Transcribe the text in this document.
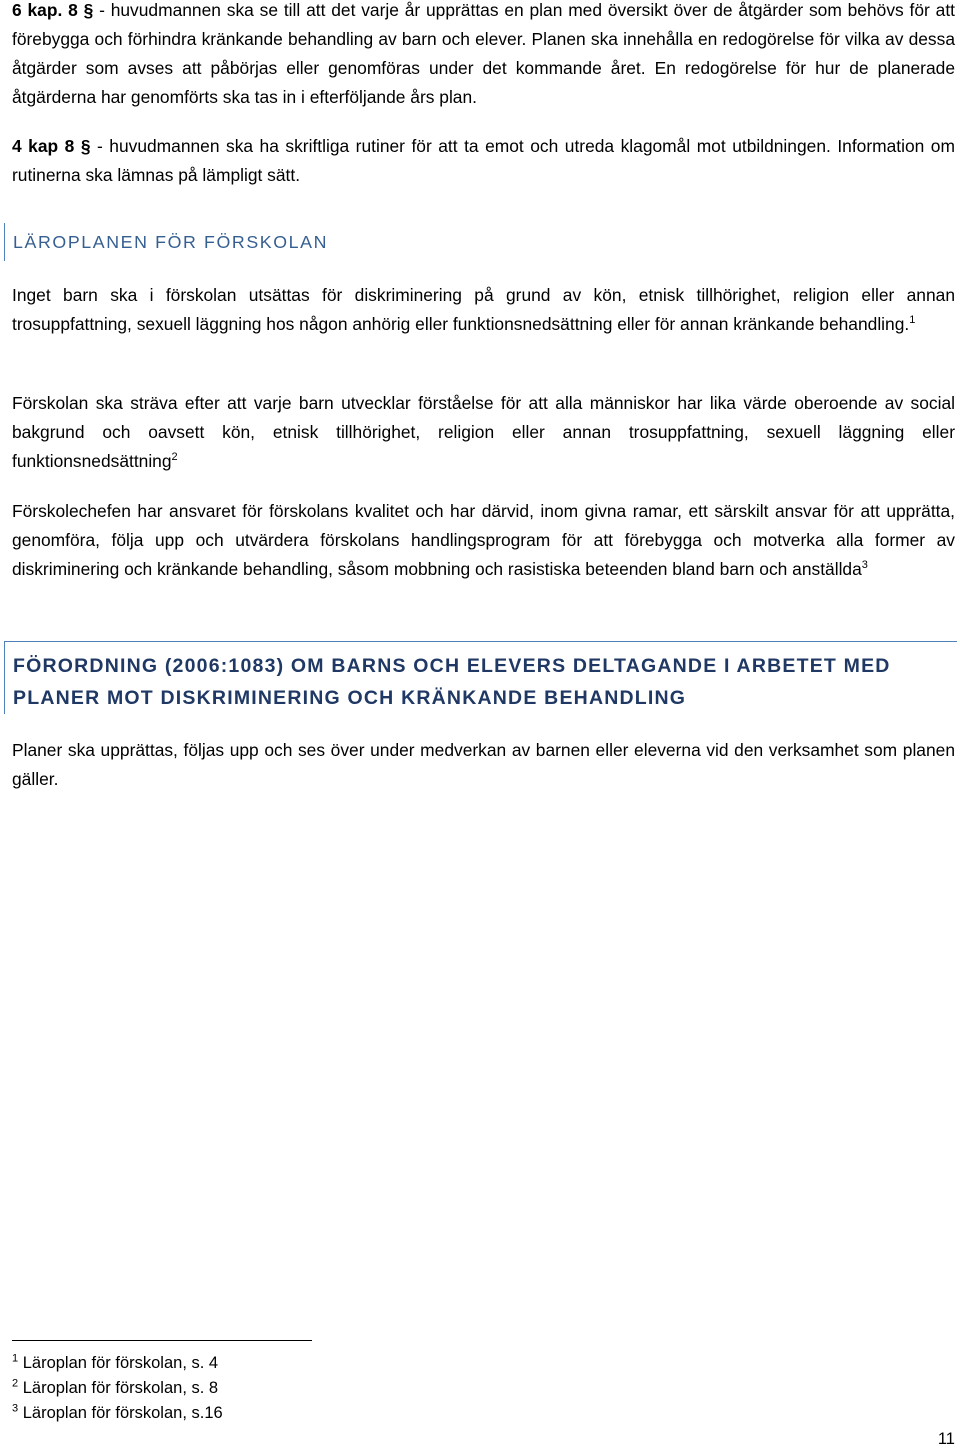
6 kap. 8 § - huvudmannen ska se till att det varje år upprättas en plan med översikt över de åtgärder som behövs för att förebygga och förhindra kränkande behandling av barn och elever. Planen ska innehålla en redogörelse för vilka av dessa åtgärder som avses att påbörjas eller genomföras under det kommande året. En redogörelse för hur de planerade åtgärderna har genomförts ska tas in i efterföljande års plan.

4 kap 8 § - huvudmannen ska ha skriftliga rutiner för att ta emot och utreda klagomål mot utbildningen. Information om rutinerna ska lämnas på lämpligt sätt.

LÄROPLANEN FÖR FÖRSKOLAN

Inget barn ska i förskolan utsättas för diskriminering på grund av kön, etnisk tillhörighet, religion eller annan trosuppfattning, sexuell läggning hos någon anhörig eller funktionsnedsättning eller för annan kränkande behandling.$^1$

Förskolan ska sträva efter att varje barn utvecklar förståelse för att alla människor har lika värde oberoende av social bakgrund och oavsett kön, etnisk tillhörighet, religion eller annan trosuppfattning, sexuell läggning eller funktionsnedsättning$^2$

Förskolechefen har ansvaret för förskolans kvalitet och har därvid, inom givna ramar, ett särskilt ansvar för att upprätta, genomföra, följa upp och utvärdera förskolans handlingsprogram för att förebygga och motverka alla former av diskriminering och kränkande behandling, såsom mobbning och rasistiska beteenden bland barn och anställda$^3$

FÖRORDNING (2006:1083) OM BARNS OCH ELEVERS DELTAGANDE I ARBETET MED PLANER MOT DISKRIMINERING OCH KRÄNKANDE BEHANDLING

Planer ska upprättas, följas upp och ses över under medverkan av barnen eller eleverna vid den verksamhet som planen gäller.

$^1$ Läroplan för förskolan, s. 4
$^2$ Läroplan för förskolan, s. 8
$^3$ Läroplan för förskolan, s.16
11
